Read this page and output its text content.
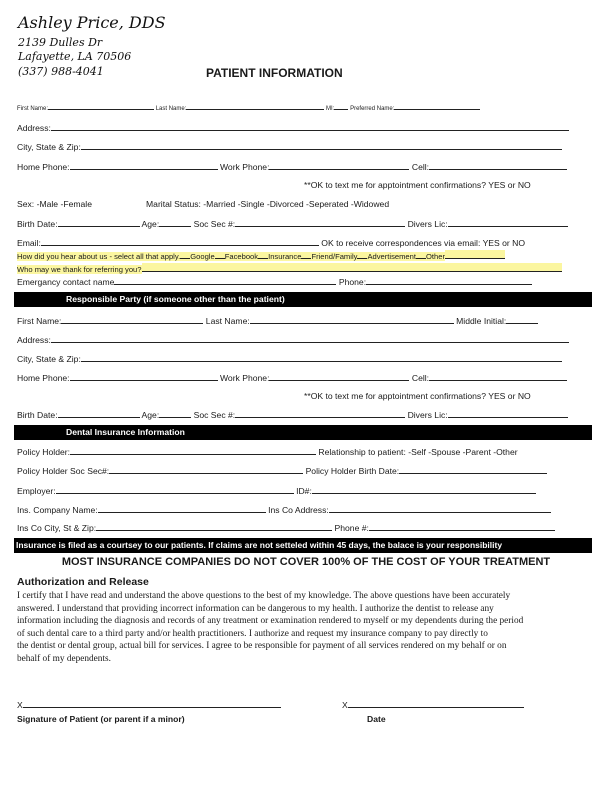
Ashley Price, DDS
2139 Dulles Dr
Lafayette, LA 70506
(337) 988-4041	PATIENT INFORMATION
First Name:	Last Name:	MI:	Preferred Name:
Address:
City, State & Zip:
Home Phone:	Work Phone:	Cell:
**OK to text me for apptointment confirmations? YES or NO
Sex: -Male -Female	Marital Status: -Married -Single -Divorced -Seperated -Widowed
Birth Date:	Age:	Soc Sec #:	Divers Lic:
Email:	OK to receive correspondences via email: YES or NO
How did you hear about us - select all that apply. Google Facebook Insurance Friend/Family Advertisement Other
Who may we thank for referring you?
Emergancy contact name	Phone:
Responsible Party (if someone other than the patient)
First Name:	Last Name:	Middle Initial:
Address:
City, State & Zip:
Home Phone:	Work Phone:	Cell:
**OK to text me for apptointment confirmations? YES or NO
Birth Date:	Age:	Soc Sec #:	Divers Lic:
Dental Insurance Information
Policy Holder:	Relationship to patient: -Self -Spouse -Parent -Other
Policy Holder Soc Sec#:	Policy Holder Birth Date:
Employer:	ID#:
Ins. Company Name:	Ins Co Address:
Ins Co City, St & Zip:	Phone #:
Insurance is filed as a courtsey to our patients. If claims are not setteled within 45 days, the balace is your responsibility
MOST INSURANCE COMPANIES DO NOT COVER 100% OF THE COST OF YOUR TREATMENT
Authorization and Release
I certify that I have read and understand the above questions to the best of my knowledge. The above questions have been accurately
answered. I understand that providing incorrect information can be dangerous to my health. I authorize the dentist to release any
information including the diagnosis and records of any treatment or examination rendered to myself or my dependents during the period
of such dental care to a third party and/or health practitioners. I authorize and request my insurance company to pay directly to
the dentist or dental group, actual bill for services. I agree to be responsible for payment of all services rendered on my behalf or on
behalf of my dependents.
X	X
Signature of Patient (or parent if a minor)	Date
